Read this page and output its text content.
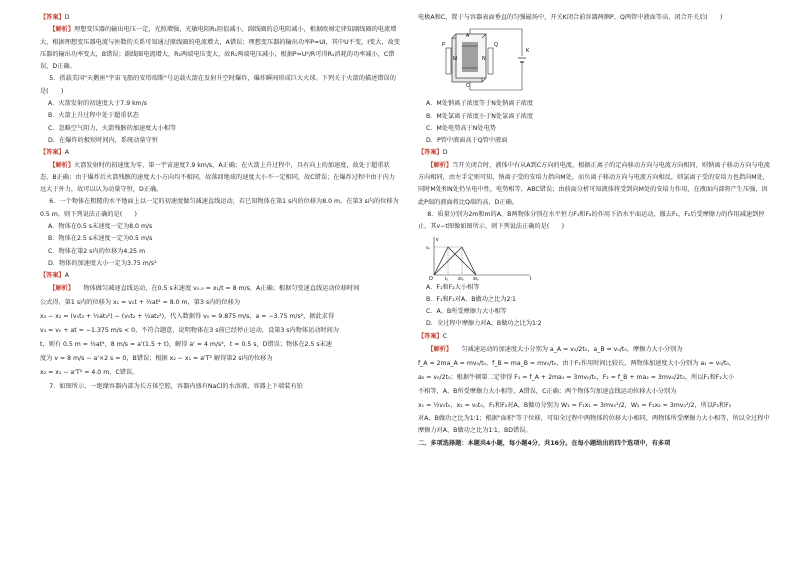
【答案】D

【解析】理想变压器的输出电压一定，光照增强，光敏电阻R₁阻值减小，副线圈的总电阻减小，根据欧姆定律知副线圈的电流增大，根据理想变压器电流与匝数的关系可知通过原线圈的电流增大，A错误；理想变压器的输出功率P=UI，其中U不变，I变大，故变压器的输出功率变大，B错误；副线圈电流增大，R₂两端电压变大，故R₁两端电压减小，根据P=U²/R可得R₁消耗的功率减小，C错误，D正确。

5．搭载美国"天鹅座"宇宙飞船的安塔瑞斯"号运载火箭在发射升空时爆炸，爆炸瞬间形成巨大火球。下列关于火箭的描述错误的是(　　)

A．火箭发射的初速度大于7.9 km/s

B．火箭上升过程中处于超重状态

C．忽略空气阻力，火箭残骸的加速度大小相等

D．在爆炸的极短时间内，系统动量守恒

【答案】A

【解析】火箭发射时的初速度为零，第一宇宙速度7.9 km/s，A正确；在火箭上升过程中，具有向上的加速度，故处于超重状态，B正确；由于爆炸后火箭残骸的速度大小方向均不相同，故落回地球的速度大小不一定相同，故C错误；在爆炸过程中由于内力远大于外力，故可以认为动量守恒，D正确。

6．一个物体在粗糙的水平地面上以一定的初速度做匀减速直线运动，若已知物体在第1 s内的位移为8.0 m，在第3 s内的位移为0.5 m，则下列说法正确的是(　　)

A．物体在0.5 s末速度一定为8.0 m/s

B．物体在2.5 s末速度一定为0.5 m/s

C．物体在第2 s内的位移为4.25 m

D．物体的加速度大小一定为3.75 m/s²

【答案】A

【解析】	物体做匀减速直线运动，在0.5 s末速度 v₀.₅ = x₁/t = 8 m/s，A正确；根据匀变速直线运动位移时间

公式得，第1 s内的位移为 x₁ = v₀t + ½at² = 8.0 m，第3 s内的位移为

x₃ − x₂ = (v₀t₃ + ½at₃²) − (v₀t₂ + ½at₂²)，代入数据得 v₀ = 9.875 m/s，a = −3.75 m/s²，据此求得

v₃ = v₀ + at = −1.375 m/s < 0，不符合题意，说明物体在3 s前已经停止运动，设第3 s内物体运动时间为

t，则有 0.5 m = ½at²，8 m/s = a'(1.5 + t)，解得 a' = 4 m/s²，t = 0.5 s，D错误；物体在2.5 s末速

度为 v = 8 m/s − a'×2 s = 0，B错误；根据 x₂ − x₁ = a'T² 解得第2 s内的位移为

x₂ = x₁ − a'T² = 4.0 m，C错误。

7．如图所示，一绝缘容器内部为长方体空腔，容器内盛有NaCl的水溶液，容器上下端装有铂

电极A和C，置于与容器表面垂直的匀强磁场中，开关K闭合前容器两侧P、Q两管中液面等高，闭合开关后(　　)

A
C
K
M	N
P	Q

A．M处钠离子浓度等于N处钠离子浓度

B．M处氯离子浓度小于N处氯离子浓度

C．M处电势高于N处电势

D．P管中液面高于Q管中液面

【答案】D

【解析】当开关闭合时，液体中有从A到C方向的电流，根据正离子的定向移动方向与电流方向相同，则钠离子移动方向与电流方向相同，由左手定则可知，钠离子受的安培力指向M处，而负离子移动方向与电流方向相反，则氯离子受的安培力也指向M处，同时M处和N处仍呈电中性，电势相等，ABC错误；由前面分析可知液体将受到向M处的安培力作用，在液面内部将产生压强，因此P端的液面将比Q端的高，D正确。

8．质量分别为2m和m的A、B两物体分别在水平恒力F₁和F₂的作用下沿水平面运动，撤去F₁、F₂后受摩擦力的作用减速到停止，其v−t图像如图所示，则下列说法正确的是(　　)

v
t
O
v₀
t₀ 2t₀ 3t₀

A．F₁和F₂大小相等

B．F₁和F₂对A、B做功之比为2∶1

C．A、B所受摩擦力大小相等

D．全过程中摩擦力对A、B做功之比为1∶2

【答案】C

【解析】	匀减速运动的加速度大小分别为 a_A = v₀/2t₀，a_B = v₀/t₀，摩擦力大小分别为

f_A = 2ma_A = mv₀/t₀，f_B = ma_B = mv₀/t₀，由于F₁作用时间比较长，两物体加速度大小分别为 a₁ = v₀/t₀，

a₂ = v₀/2t₀；根据牛顿第二定律得 F₁ = f_A + 2ma₁ = 3mv₀/t₀，F₂ = f_B + ma₂ = 3mv₀/2t₀，所以F₁和F₂大小

不相等，A、B所受摩擦力大小相等，A错误，C正确；两个物体匀加速直线运动位移大小分别为

x₁ = ½v₀t₀，x₂ = v₀t₀，F₁和F₂对A、B做功分别为 W₁ = F₁x₁ = 3mv₀²/2，W₂ = F₂x₂ = 3mv₀²/2，所以F₁和F₂

对A、B做功之比为1∶1；根据"面积"等于位移，可知全过程中两物体的位移大小相同，两物体所受摩擦力大小相等，所以全过程中摩擦力对A、B做功之比为1∶1，BD错误。

二、多项选择题：本题共4小题，每小题4分，共16分。在每小题给出的四个选项中，有多项
